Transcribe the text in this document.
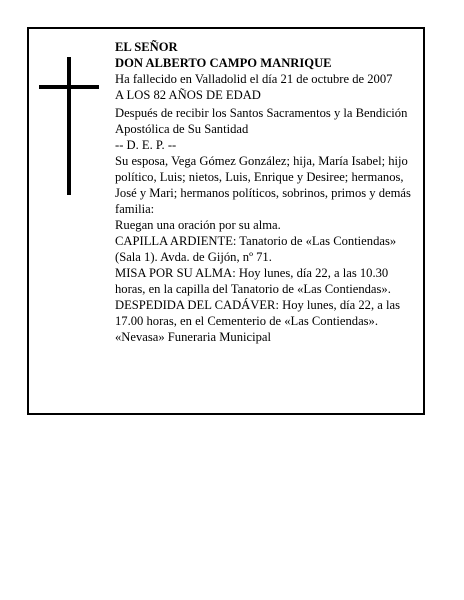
EL SEÑOR

DON ALBERTO CAMPO MANRIQUE

Ha fallecido en Valladolid el día 21 de octubre de 2007

A LOS 82 AÑOS DE EDAD

Después de recibir los Santos Sacramentos y la Bendición Apostólica de Su Santidad

-- D. E. P. --

Su esposa, Vega Gómez González; hija, María Isabel; hijo político, Luis; nietos, Luis, Enrique y Desiree; hermanos, José y Mari; hermanos políticos, sobrinos, primos y demás familia:

Ruegan una oración por su alma.

CAPILLA ARDIENTE: Tanatorio de «Las Contiendas» (Sala 1). Avda. de Gijón, nº 71.

MISA POR SU ALMA: Hoy lunes, día 22, a las 10.30 horas, en la capilla del Tanatorio de «Las Contiendas».

DESPEDIDA DEL CADÁVER: Hoy lunes, día 22, a las 17.00 horas, en el Cementerio de «Las Contiendas».

«Nevasa» Funeraria Municipal
